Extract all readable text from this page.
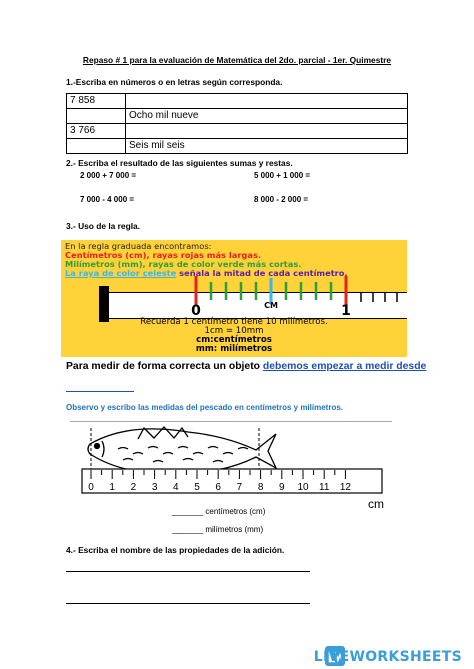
Repaso # 1 para la evaluación de Matemática del 2do. parcial - 1er. Quimestre
1.-Escriba en números o en letras según corresponda.
7 858	
	Ocho mil nueve
3 766	
	Seis mil seis
2.- Escriba el resultado de las siguientes sumas y restas.
2 000 + 7 000 =	5 000 + 1 000 =
7 000 - 4 000 =	8 000 - 2 000 =
3.- Uso de la regla.
En la regla graduada encontramos:
Centímetros (cm), rayas rojas más largas.
Milímetros (mm), rayas de color verde más cortas.
La raya de color celeste señala la mitad de cada centímetro.
0	CM	1
Recuerda 1 centímetro tiene 10 milímetros.
1cm = 10mm
cm:centímetros
mm: milímetros
Para medir de forma correcta un objeto debemos empezar a medir desde
Observo y escribo las medidas del pescado en centímetros y milímetros.
0 1 2 3 4 5 6 7 8 9 10 11 12
cm
_______ centímetros (cm)
_______ milímetros (mm)
4.- Escriba el nombre de las propiedades de la adición.
LIVEWORKSHEETS
